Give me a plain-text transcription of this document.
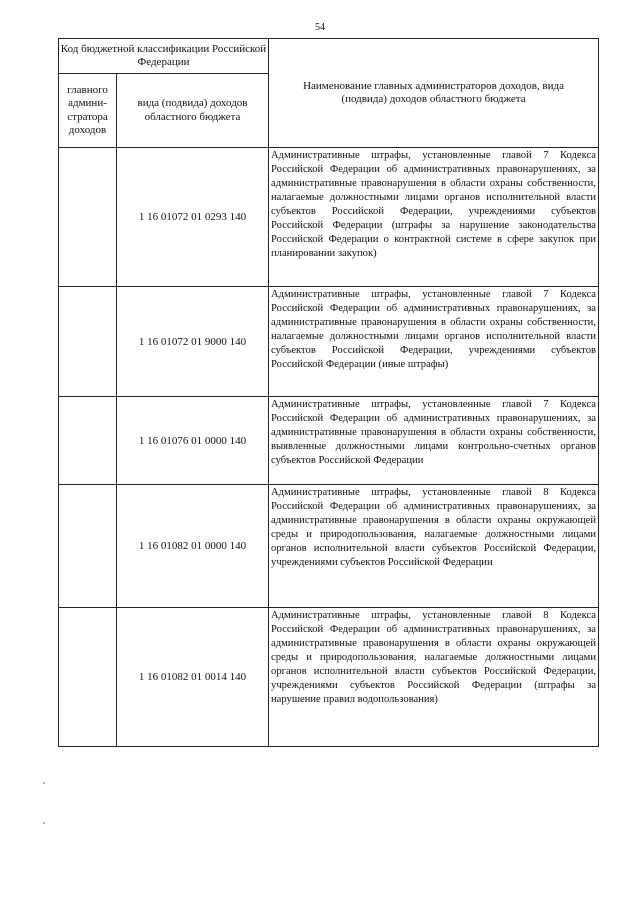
54
Код бюджетной классификации Российской Федерации		Наименование главных администраторов доходов, вида (подвида) доходов областного бюджета
главного админи-стратора доходов	вида (подвида) доходов областного бюджета	
	1 16 01072 01 0293 140	Административные штрафы, установленные главой 7 Кодекса Российской Федерации об административных правонарушениях, за административные правонарушения в области охраны собственности, налагаемые должностными лицами органов исполнительной власти субъектов Российской Федерации, учреждениями субъектов Российской Федерации (штрафы за нарушение законодательства Российской Федерации о контрактной системе в сфере закупок при планировании закупок)
	1 16 01072 01 9000 140	Административные штрафы, установленные главой 7 Кодекса Российской Федерации об административных правонарушениях, за административные правонарушения в области охраны собственности, налагаемые должностными лицами органов исполнительной власти субъектов Российской Федерации, учреждениями субъектов Российской Федерации (иные штрафы)
	1 16 01076 01 0000 140	Административные штрафы, установленные главой 7 Кодекса Российской Федерации об административных правонарушениях, за административные правонарушения в области охраны собственности, выявленные должностными лицами контрольно-счетных органов субъектов Российской Федерации
	1 16 01082 01 0000 140	Административные штрафы, установленные главой 8 Кодекса Российской Федерации об административных правонарушениях, за административные правонарушения в области охраны окружающей среды и природопользования, налагаемые должностными лицами органов исполнительной власти субъектов Российской Федерации, учреждениями субъектов Российской Федерации
	1 16 01082 01 0014 140	Административные штрафы, установленные главой 8 Кодекса Российской Федерации об административных правонарушениях, за административные правонарушения в области охраны окружающей среды и природопользования, налагаемые должностными лицами органов исполнительной власти субъектов Российской Федерации, учреждениями субъектов Российской Федерации (штрафы за нарушение правил водопользования)
